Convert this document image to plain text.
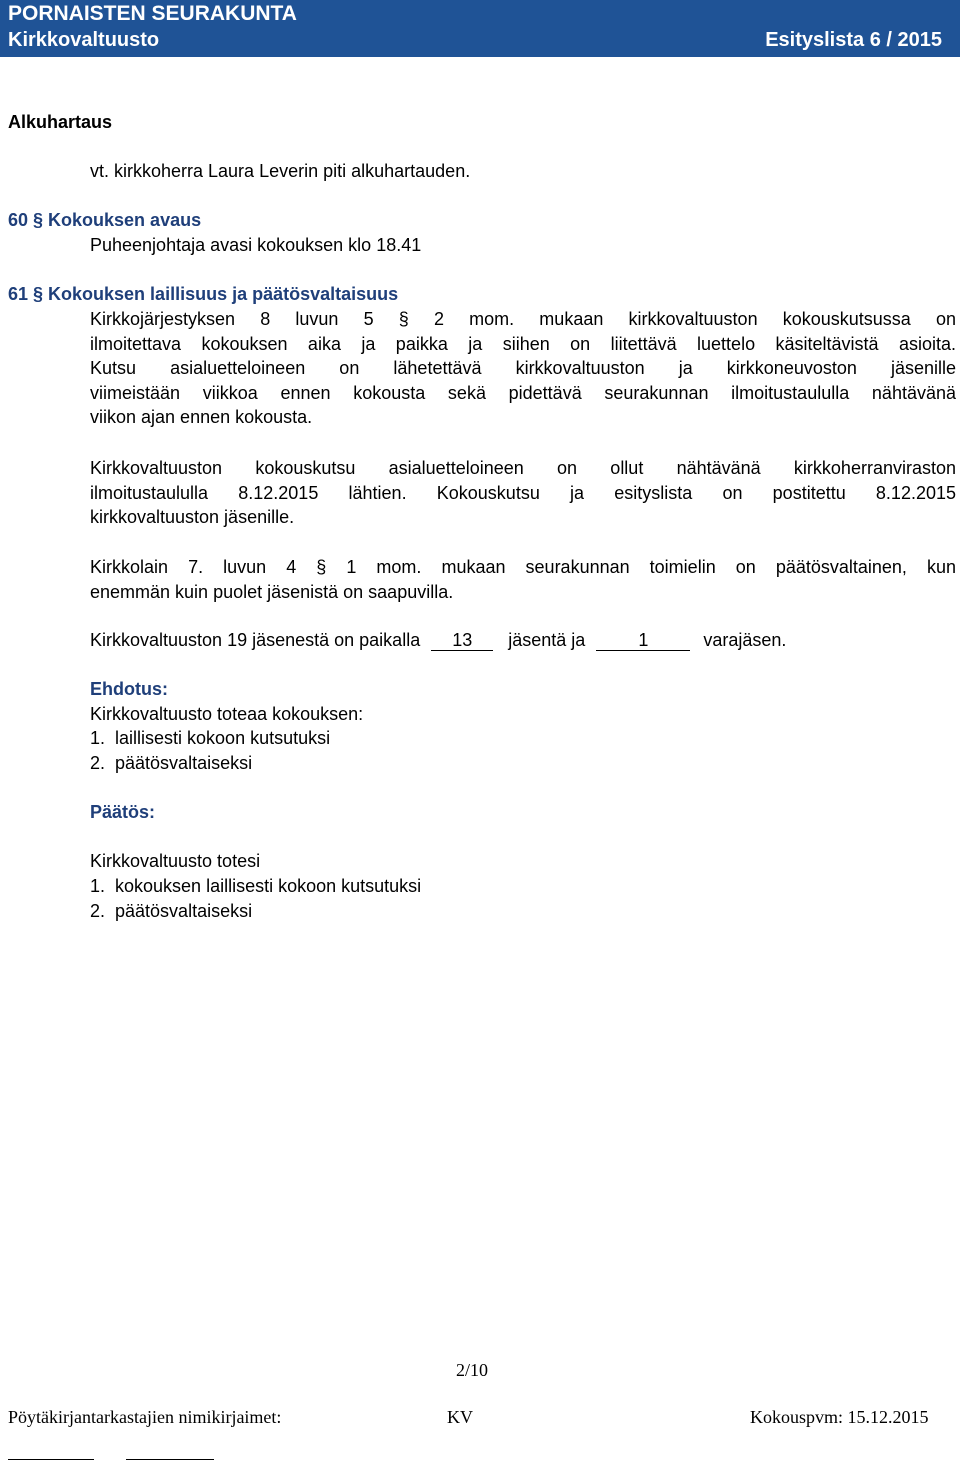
PORNAISTEN SEURAKUNTA
Kirkkovaltuusto	Esityslista 6 / 2015
Alkuhartaus
vt. kirkkoherra Laura Leverin piti alkuhartauden.
60 § Kokouksen avaus
Puheenjohtaja avasi kokouksen klo 18.41
61 § Kokouksen laillisuus ja päätösvaltaisuus
Kirkkojärjestyksen 8 luvun 5 § 2 mom. mukaan kirkkovaltuuston kokouskutsussa on
ilmoitettava kokouksen aika ja paikka ja siihen on liitettävä luettelo käsiteltävistä asioita.
Kutsu asialuetteloineen on lähetettävä kirkkovaltuuston ja kirkkoneuvoston jäsenille
viimeistään viikkoa ennen kokousta sekä pidettävä seurakunnan ilmoitustaululla nähtävänä
viikon ajan ennen kokousta.
Kirkkovaltuuston kokouskutsu asialuetteloineen on ollut nähtävänä kirkkoherranviraston
ilmoitustaululla 8.12.2015 lähtien. Kokouskutsu ja esityslista on postitettu 8.12.2015
kirkkovaltuuston jäsenille.
Kirkkolain 7. luvun 4 § 1 mom. mukaan seurakunnan toimielin on päätösvaltainen, kun
enemmän kuin puolet jäsenistä on saapuvilla.
Kirkkovaltuuston 19 jäsenestä on paikalla 13 jäsentä ja	1	varajäsen.
Ehdotus:
Kirkkovaltuusto toteaa kokouksen:
1.  laillisesti kokoon kutsutuksi
2.  päätösvaltaiseksi
Päätös:
Kirkkovaltuusto totesi
1.  kokouksen laillisesti kokoon kutsutuksi
2.  päätösvaltaiseksi
2/10
Pöytäkirjantarkastajien nimikirjaimet:	KV	Kokouspvm: 15.12.2015
